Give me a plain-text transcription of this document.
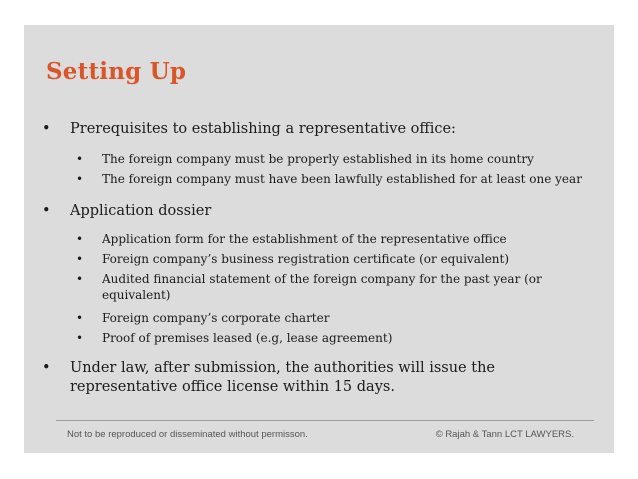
Setting Up
• Prerequisites to establishing a representative office:
• The foreign company must be properly established in its home country
• The foreign company must have been lawfully established for at least one year
• Application dossier
• Application form for the establishment of the representative office
• Foreign company’s business registration certificate (or equivalent)
• Audited financial statement of the foreign company for the past year (or equivalent)
• Foreign company’s corporate charter
• Proof of premises leased (e.g, lease agreement)
• Under law, after submission, the authorities will issue the representative office license within 15 days.
Not to be reproduced or disseminated without permisson.	© Rajah & Tann LCT LAWYERS.
